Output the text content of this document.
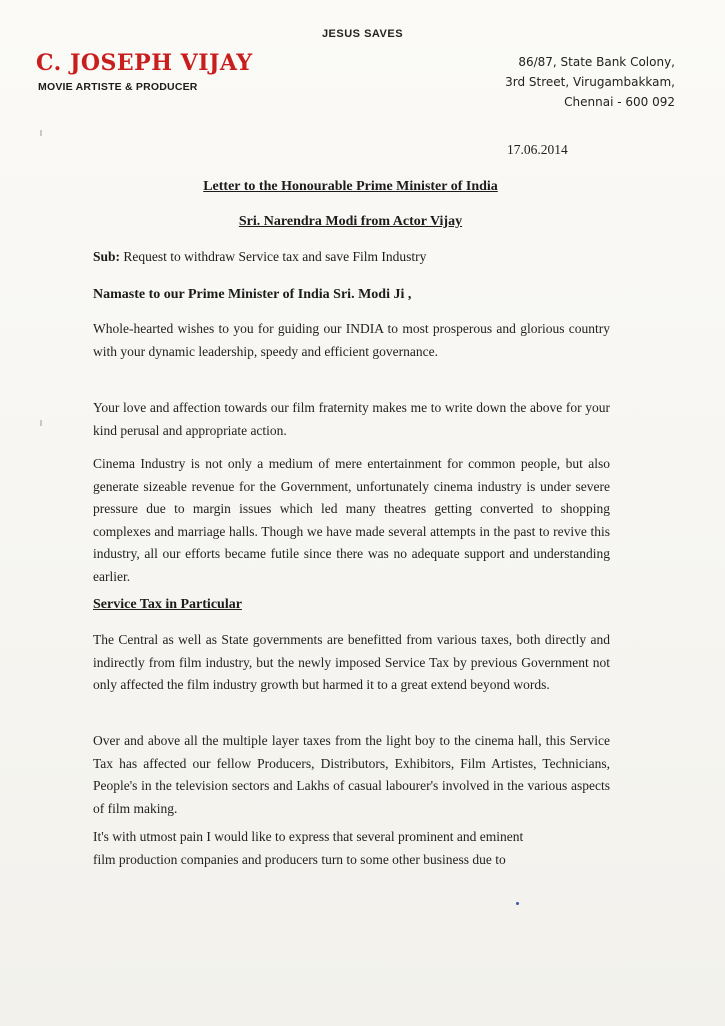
JESUS SAVES
C. JOSEPH VIJAY
MOVIE ARTISTE & PRODUCER
86/87, State Bank Colony,
3rd Street, Virugambakkam,
Chennai - 600 092
17.06.2014
Letter to the Honourable Prime Minister of India
Sri. Narendra Modi from Actor Vijay
Sub: Request to withdraw Service tax and save Film Industry
Namaste to our Prime Minister of India Sri. Modi Ji ,
Whole-hearted wishes to you for guiding our INDIA to most prosperous and glorious country with your dynamic leadership, speedy and efficient governance.
Your love and affection towards our film fraternity makes me to write down the above for your kind perusal and appropriate action.
Cinema Industry is not only a medium of mere entertainment for common people, but also generate sizeable revenue for the Government, unfortunately cinema industry is under severe pressure due to margin issues which led many theatres getting converted to shopping complexes and marriage halls. Though we have made several attempts in the past to revive this industry, all our efforts became futile since there was no adequate support and understanding earlier.
Service Tax in Particular
The Central as well as State governments are benefitted from various taxes, both directly and indirectly from film industry, but the newly imposed Service Tax by previous Government not only affected the film industry growth but harmed it to a great extend beyond words.
Over and above all the multiple layer taxes from the light boy to the cinema hall, this Service Tax has affected our fellow Producers, Distributors, Exhibitors, Film Artistes, Technicians, People's in the television sectors and Lakhs of casual labourer's involved in the various aspects of film making.
It's with utmost pain I would like to express that several prominent and eminent
film production companies and producers turn to some other business due to
